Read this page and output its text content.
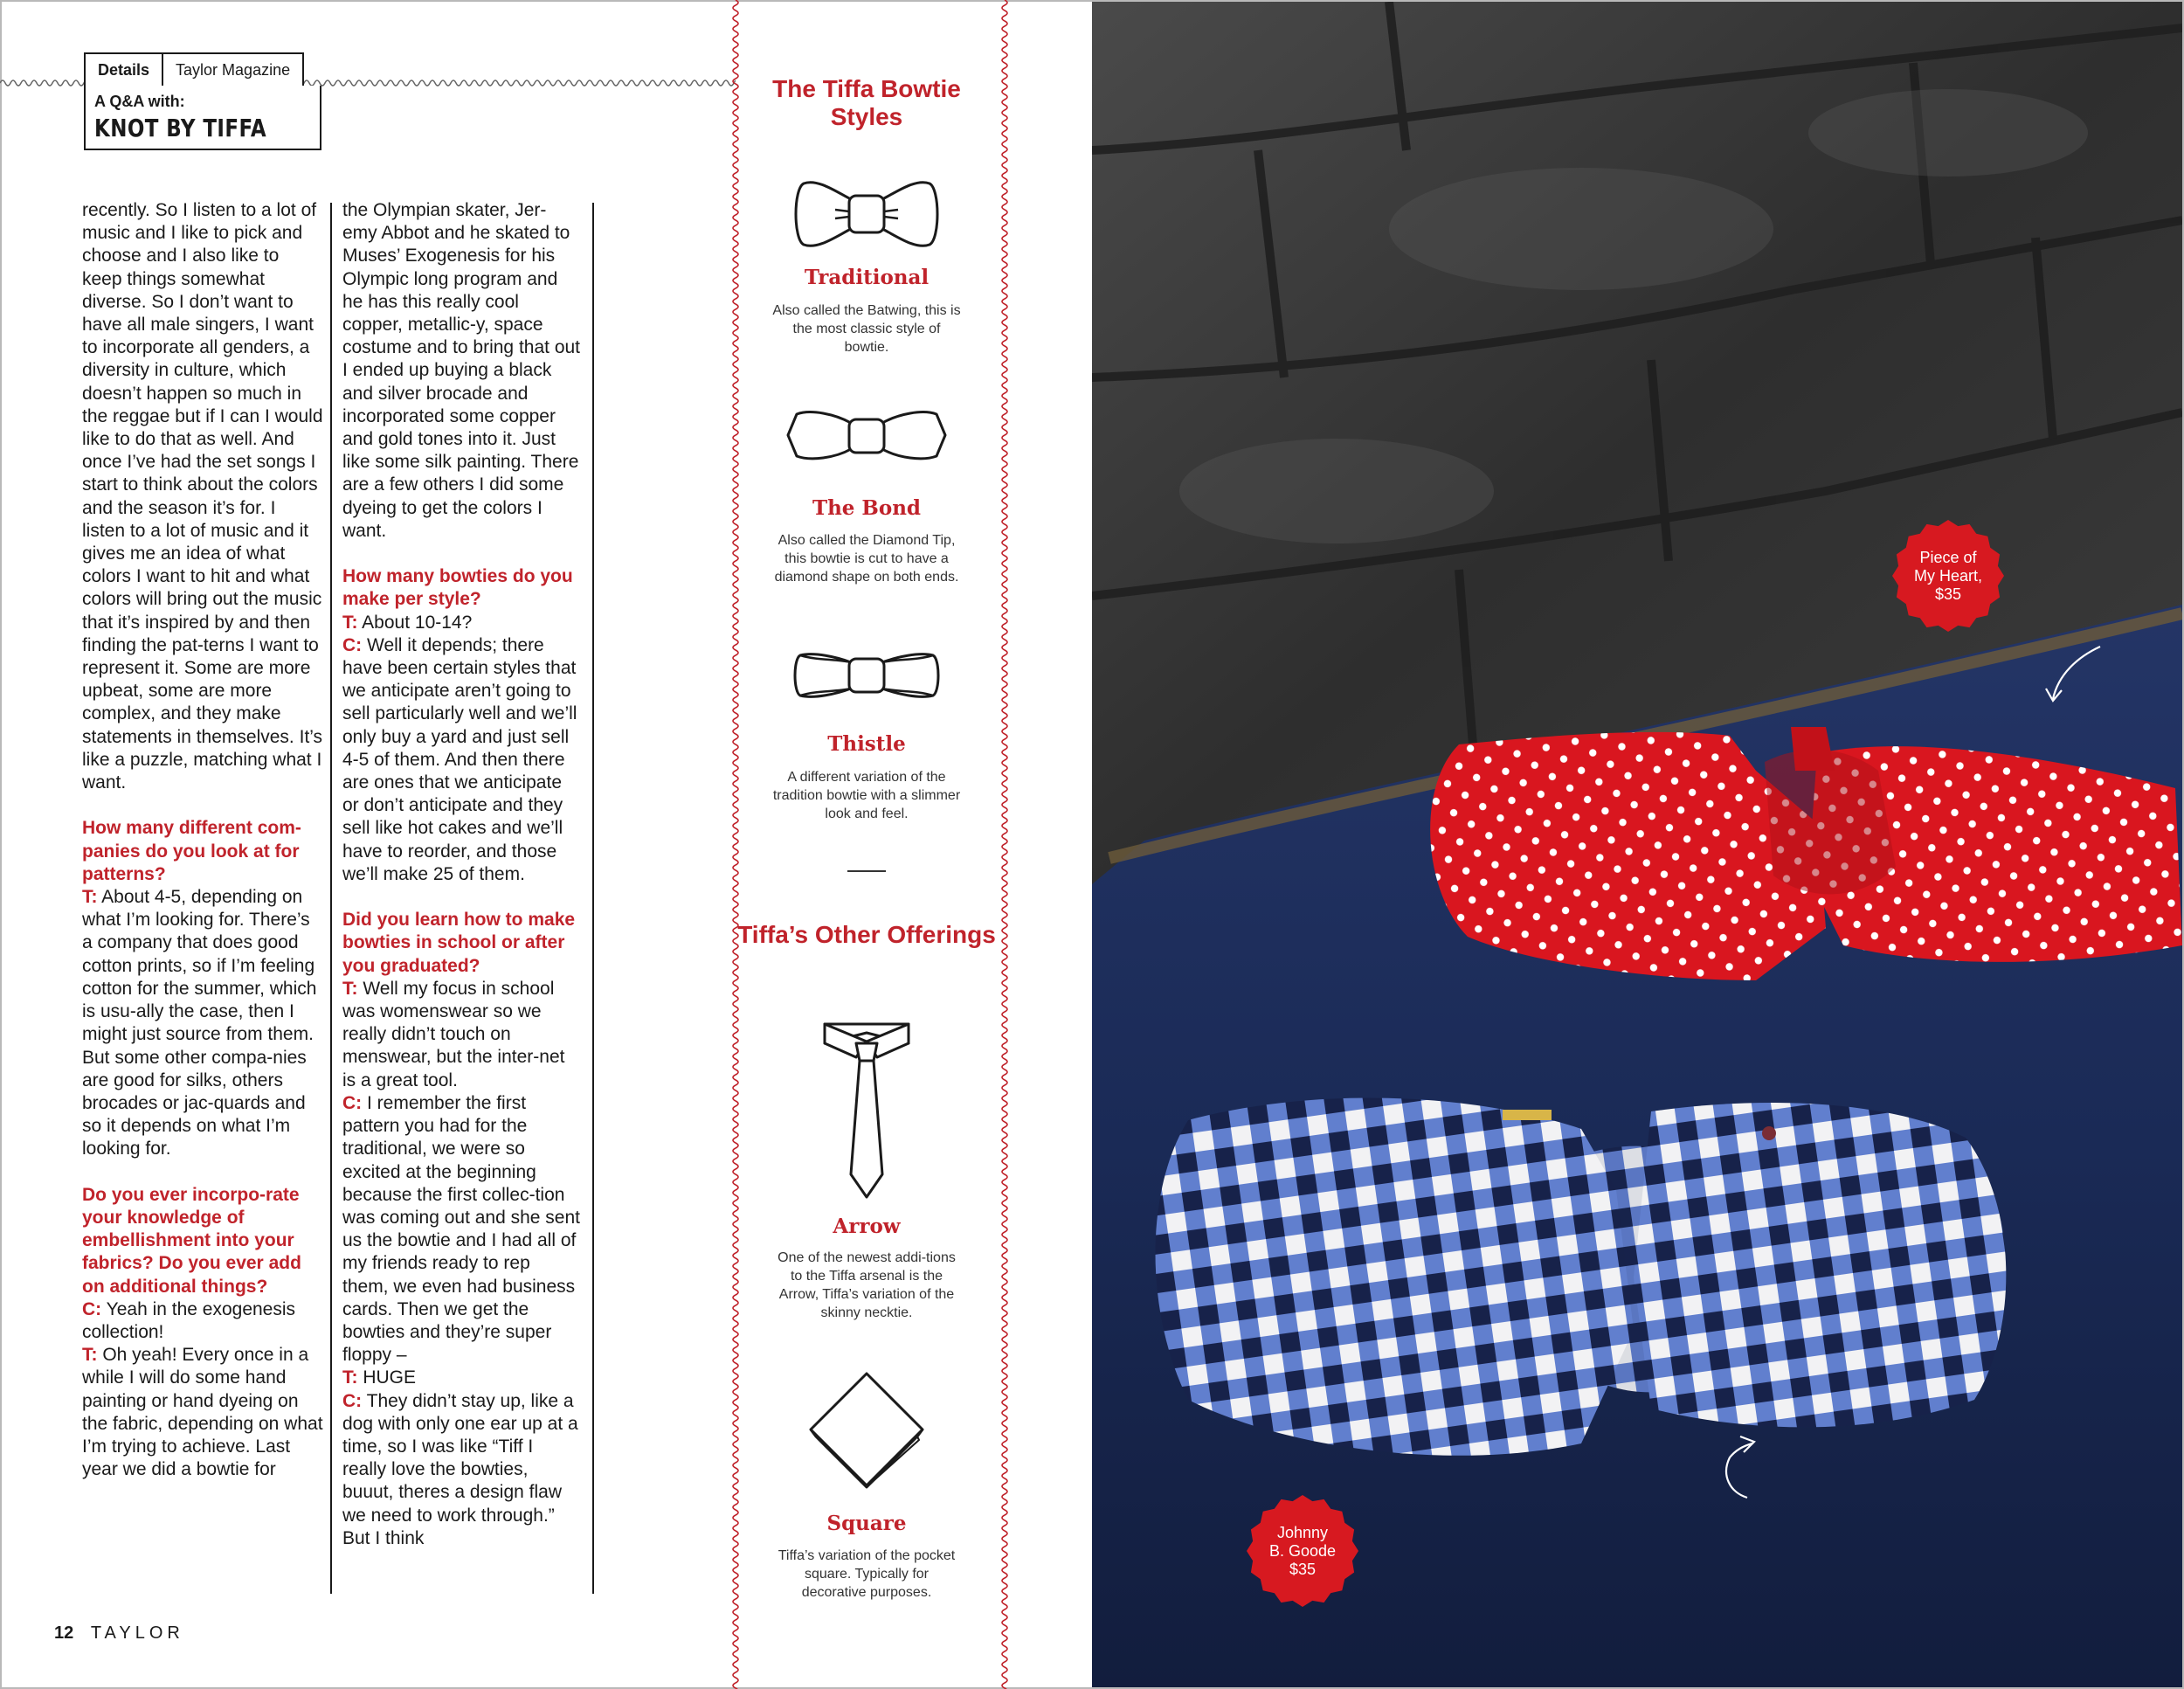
Details	Taylor Magazine
A Q&A with:
KNOT BY TIFFA

recently. So I listen to a lot of music and I like to pick and choose and I also like to keep things somewhat diverse. So I don’t want to have all male singers, I want to incorporate all genders, a diversity in culture, which doesn’t happen so much in the reggae but if I can I would like to do that as well. And once I’ve had the set songs I start to think about the colors and the season it’s for. I listen to a lot of music and it gives me an idea of what colors I want to hit and what colors will bring out the music that it’s inspired by and then finding the pat-terns I want to represent it. Some are more upbeat, some are more complex, and they make statements in themselves. It’s like a puzzle, matching what I want.

How many different com-panies do you look at for patterns?

T: About 4-5, depending on what I’m looking for. There’s a company that does good cotton prints, so if I’m feeling cotton for the summer, which is usu-ally the case, then I might just source from them. But some other compa-nies are good for silks, others brocades or jac-quards and so it depends on what I’m looking for.

Do you ever incorpo-rate your knowledge of embellishment into your fabrics? Do you ever add on additional things?

C: Yeah in the exogenesis collection!

T: Oh yeah! Every once in a while I will do some hand painting or hand dyeing on the fabric, depending on what I’m trying to achieve. Last year we did a bowtie for

the Olympian skater, Jer-emy Abbot and he skated to Muses’ Exogenesis for his Olympic long program and he has this really cool copper, metallic-y, space costume and to bring that out I ended up buying a black and silver brocade and incorporated some copper and gold tones into it. Just like some silk painting. There are a few others I did some dyeing to get the colors I want.

How many bowties do you make per style?

T: About 10-14?

C: Well it depends; there have been certain styles that we anticipate aren’t going to sell particularly well and we’ll only buy a yard and just sell 4-5 of them. And then there are ones that we anticipate or don’t anticipate and they sell like hot cakes and we’ll have to reorder, and those we’ll make 25 of them.

Did you learn how to make bowties in school or after you graduated?

T: Well my focus in school was womenswear so we really didn’t touch on menswear, but the inter-net is a great tool.

C: I remember the first pattern you had for the traditional, we were so excited at the beginning because the first collec-tion was coming out and she sent us the bowtie and I had all of my friends ready to rep them, we even had business cards. Then we get the bowties and they’re super floppy –

T: HUGE

C: They didn’t stay up, like a dog with only one ear up at a time, so I was like “Tiff I really love the bowties, buuut, theres a design flaw we need to work through.” But I think

12 TAYLOR
The Tiffa Bowtie Styles
Traditional
Also called the Batwing, this is the most classic style of bowtie.
The Bond
Also called the Diamond Tip, this bowtie is cut to have a diamond shape on both ends.
Thistle
A different variation of the tradition bowtie with a slimmer look and feel.
Tiffa’s Other Offerings
Arrow
One of the newest addi-tions to the Tiffa arsenal is the Arrow, Tiffa’s variation of the skinny necktie.
Square
Tiffa’s variation of the pocket square. Typically for decorative purposes.
Piece of
My Heart,
$35
Johnny
B. Goode
$35
